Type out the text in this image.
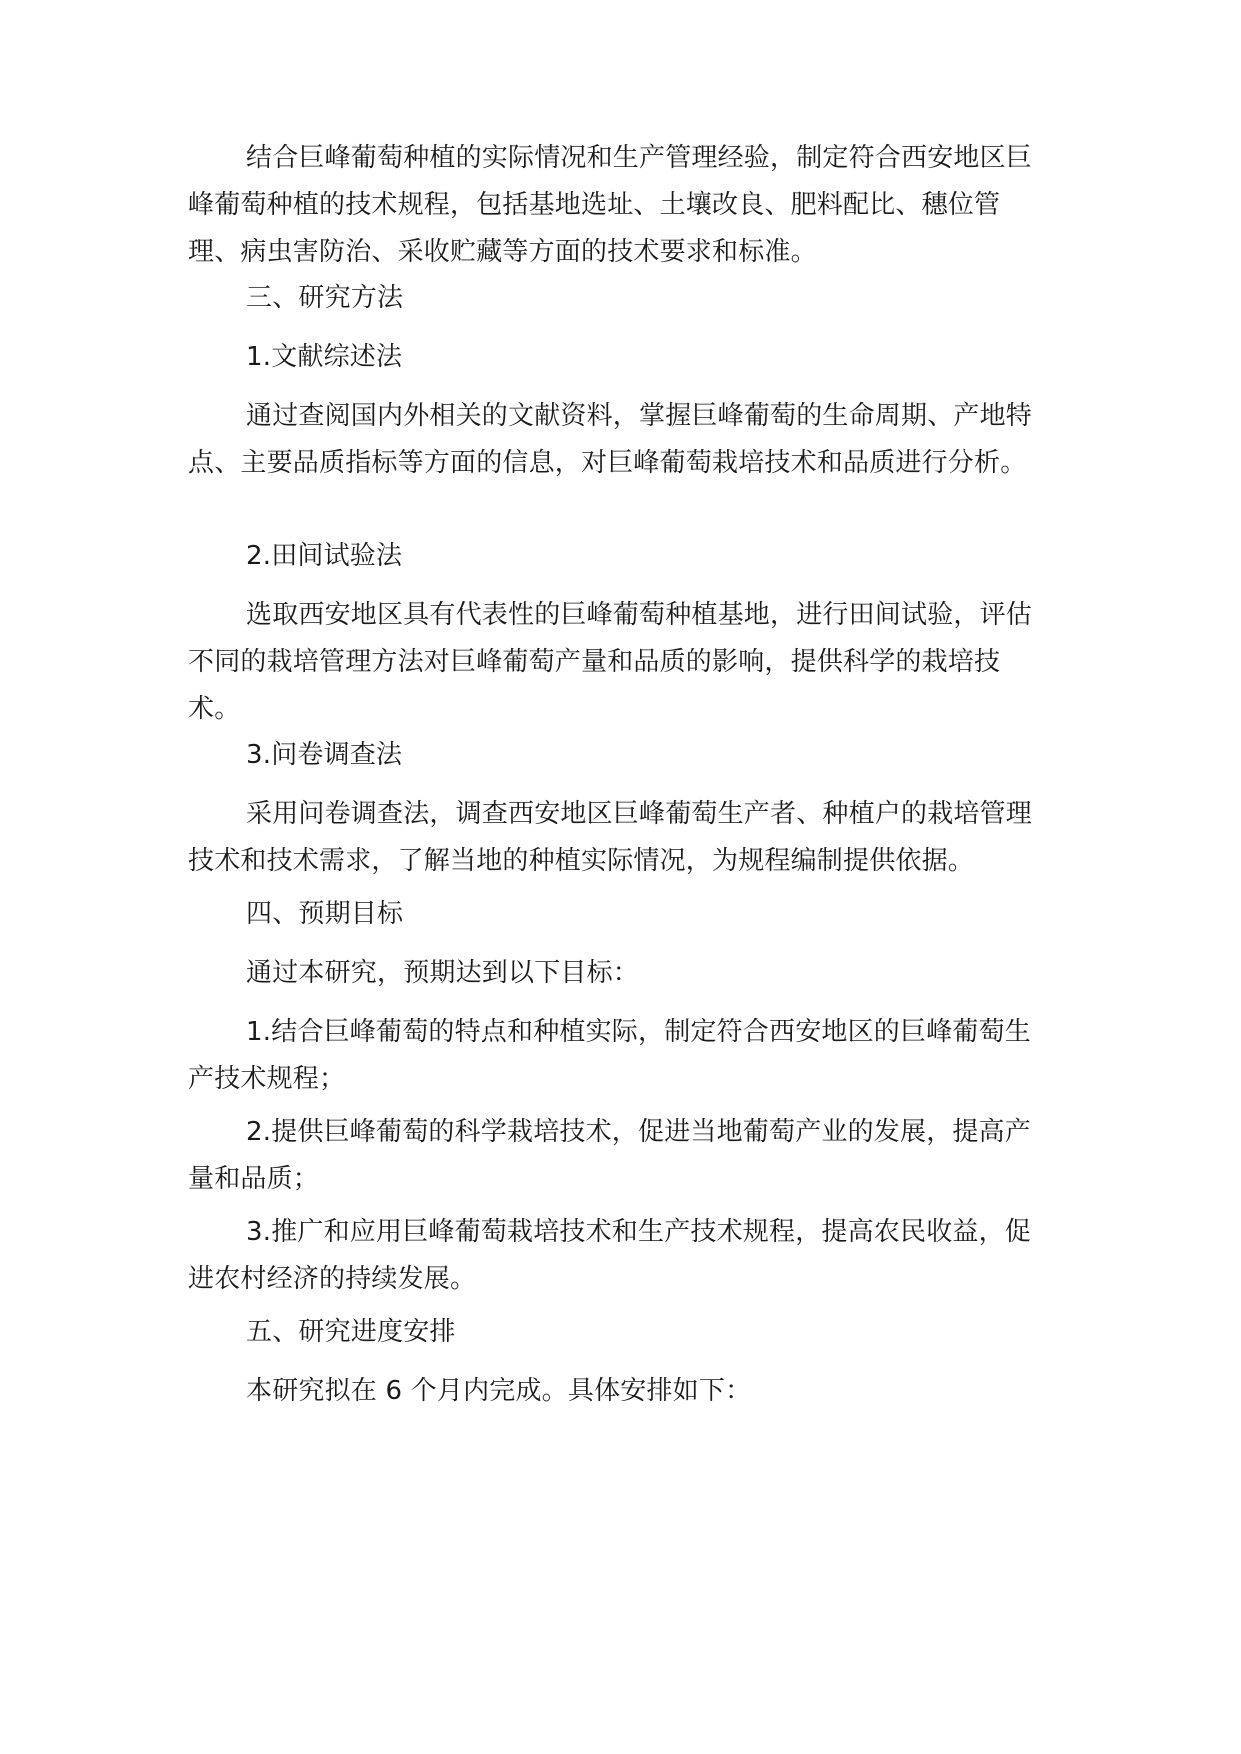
结合巨峰葡萄种植的实际情况和生产管理经验，制定符合西安地区巨峰葡萄种植的技术规程，包括基地选址、土壤改良、肥料配比、穗位管理、病虫害防治、采收贮藏等方面的技术要求和标准。

三、研究方法

1.文献综述法

通过查阅国内外相关的文献资料，掌握巨峰葡萄的生命周期、产地特点、主要品质指标等方面的信息，对巨峰葡萄栽培技术和品质进行分析。

2.田间试验法

选取西安地区具有代表性的巨峰葡萄种植基地，进行田间试验，评估不同的栽培管理方法对巨峰葡萄产量和品质的影响，提供科学的栽培技术。

3.问卷调查法

采用问卷调查法，调查西安地区巨峰葡萄生产者、种植户的栽培管理技术和技术需求，了解当地的种植实际情况，为规程编制提供依据。

四、预期目标

通过本研究，预期达到以下目标：

1.结合巨峰葡萄的特点和种植实际，制定符合西安地区的巨峰葡萄生产技术规程；

2.提供巨峰葡萄的科学栽培技术，促进当地葡萄产业的发展，提高产量和品质；

3.推广和应用巨峰葡萄栽培技术和生产技术规程，提高农民收益，促进农村经济的持续发展。

五、研究进度安排

本研究拟在 6 个月内完成。具体安排如下：
